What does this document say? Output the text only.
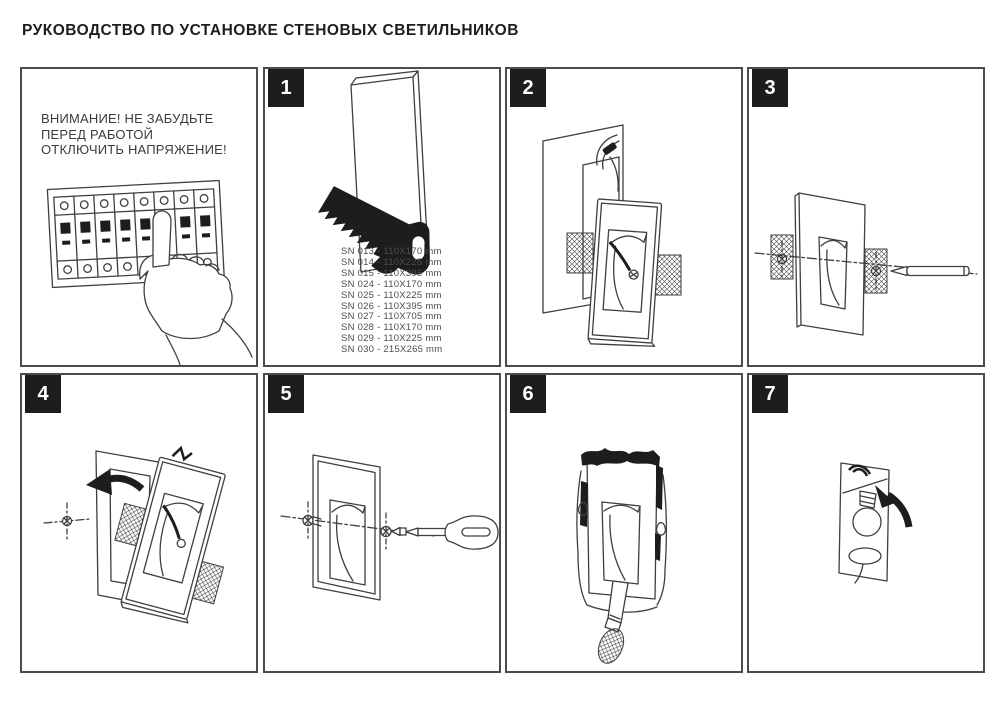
РУКОВОДСТВО ПО УСТАНОВКЕ СТЕНОВЫХ СВЕТИЛЬНИКОВ
ВНИМАНИЕ! НЕ ЗАБУДЬТЕ
ПЕРЕД РАБОТОЙ
ОТКЛЮЧИТЬ НАПРЯЖЕНИЕ!
1
SN 013 - 110X170 mm
SN 014 - 110X225 mm
SN 015 - 110X395 mm
SN 024 - 110X170 mm
SN 025 - 110X225 mm
SN 026 - 110X395 mm
SN 027 - 110X705 mm
SN 028 - 110X170 mm
SN 029 - 110X225 mm
SN 030 - 215X265 mm
2	3
4	5	6	7
